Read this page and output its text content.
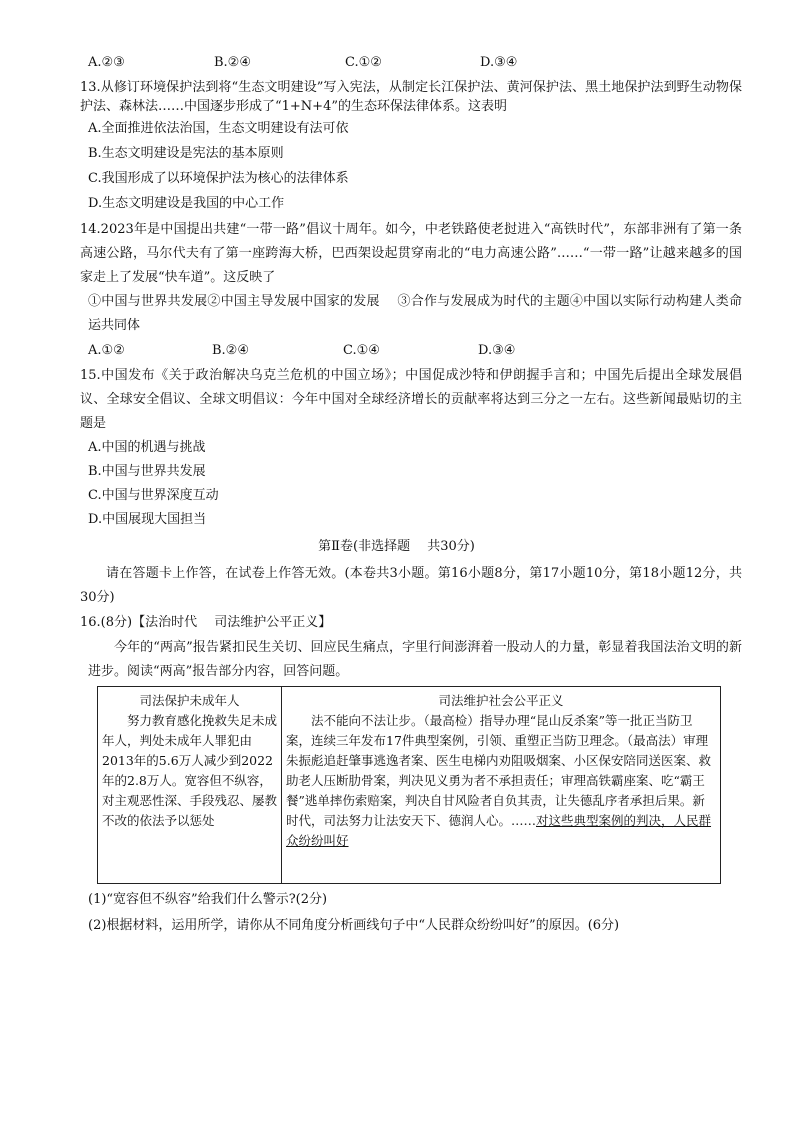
A.②③	B.②④	C.①②	D.③④
13.从修订环境保护法到将“生态文明建设”写入宪法，从制定长江保护法、黄河保护法、黑土地保护法到野生动物保护法、森林法……中国逐步形成了“1+N+4”的生态环保法律体系。这表明
A.全面推进依法治国，生态文明建设有法可依
B.生态文明建设是宪法的基本原则
C.我国形成了以环境保护法为核心的法律体系
D.生态文明建设是我国的中心工作
14.2023年是中国提出共建“一带一路”倡议十周年。如今，中老铁路使老挝进入“高铁时代”，东部非洲有了第一条高速公路，马尔代夫有了第一座跨海大桥，巴西架设起贯穿南北的“电力高速公路”……“一带一路”让越来越多的国家走上了发展“快车道”。这反映了
①中国与世界共发展②中国主导发展中国家的发展　 ③合作与发展成为时代的主题④中国以实际行动构建人类命运共同体
A.①②	B.②④	C.①④	D.③④
15.中国发布《关于政治解决乌克兰危机的中国立场》；中国促成沙特和伊朗握手言和；中国先后提出全球发展倡议、全球安全倡议、全球文明倡议：今年中国对全球经济增长的贡献率将达到三分之一左右。这些新闻最贴切的主题是
A.中国的机遇与挑战
B.中国与世界共发展
C.中国与世界深度互动
D.中国展现大国担当
第Ⅱ卷(非选择题　 共30分)
请在答题卡上作答，在试卷上作答无效。(本卷共3小题。第16小题8分，第17小题10分，第18小题12分，共30分)
16.(8分)【法治时代　 司法维护公平正义】
今年的“两高”报告紧扣民生关切、回应民生痛点，字里行间澎湃着一股动人的力量，彰显着我国法治文明的新进步。阅读“两高”报告部分内容，回答问题。
司法保护未成年人
努力教育感化挽救失足未成年人，判处未成年人罪犯由2013年的5.6万人减少到2022年的2.8万人。宽容但不纵容，对主观恶性深、手段残忍、屡教不改的依法予以惩处

司法维护社会公平正义
法不能向不法让步。（最高检）指导办理“昆山反杀案”等一批正当防卫案，连续三年发布17件典型案例，引领、重塑正当防卫理念。（最高法）审理朱振彪追赶肇事逃逸者案、医生电梯内劝阻吸烟案、小区保安陪同送医案、救助老人压断肋骨案，判决见义勇为者不承担责任；审理高铁霸座案、吃“霸王餐”逃单摔伤索赔案，判决自甘风险者自负其责，让失德乱序者承担后果。新时代，司法努力让法安天下、德润人心。……对这些典型案例的判决，人民群众纷纷叫好
(1)“宽容但不纵容”给我们什么警示?(2分)
(2)根据材料，运用所学，请你从不同角度分析画线句子中“人民群众纷纷叫好”的原因。(6分)
